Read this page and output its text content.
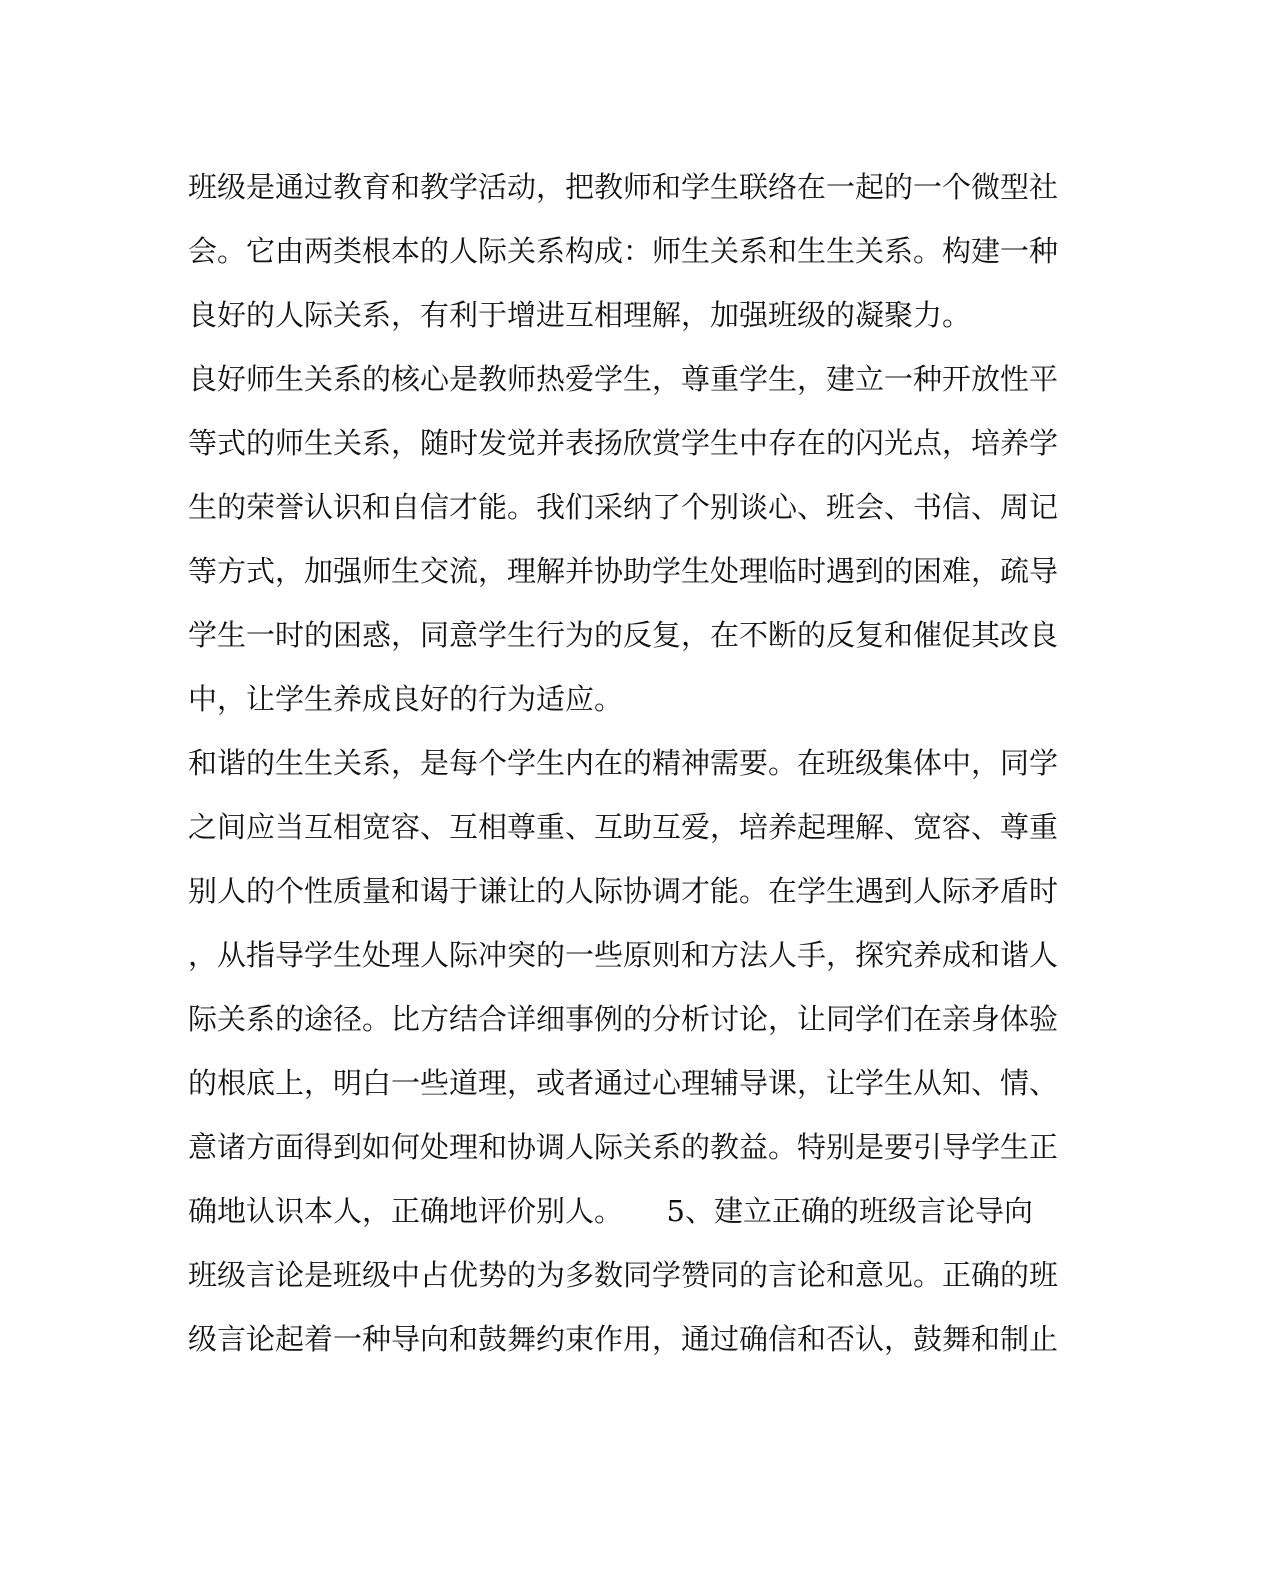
班级是通过教育和教学活动，把教师和学生联络在一起的一个微型社
会。它由两类根本的人际关系构成：师生关系和生生关系。构建一种
良好的人际关系，有利于增进互相理解，加强班级的凝聚力。
良好师生关系的核心是教师热爱学生，尊重学生，建立一种开放性平
等式的师生关系，随时发觉并表扬欣赏学生中存在的闪光点，培养学
生的荣誉认识和自信才能。我们采纳了个别谈心、班会、书信、周记
等方式，加强师生交流，理解并协助学生处理临时遇到的困难，疏导
学生一时的困惑，同意学生行为的反复，在不断的反复和催促其改良
中，让学生养成良好的行为适应。
和谐的生生关系，是每个学生内在的精神需要。在班级集体中，同学
之间应当互相宽容、互相尊重、互助互爱，培养起理解、宽容、尊重
别人的个性质量和谒于谦让的人际协调才能。在学生遇到人际矛盾时
，从指导学生处理人际冲突的一些原则和方法人手，探究养成和谐人
际关系的途径。比方结合详细事例的分析讨论，让同学们在亲身体验
的根底上，明白一些道理，或者通过心理辅导课，让学生从知、情、
意诸方面得到如何处理和协调人际关系的教益。特别是要引导学生正
确地认识本人，正确地评价别人。　　5、建立正确的班级言论导向
班级言论是班级中占优势的为多数同学赞同的言论和意见。正确的班
级言论起着一种导向和鼓舞约束作用，通过确信和否认，鼓舞和制止
